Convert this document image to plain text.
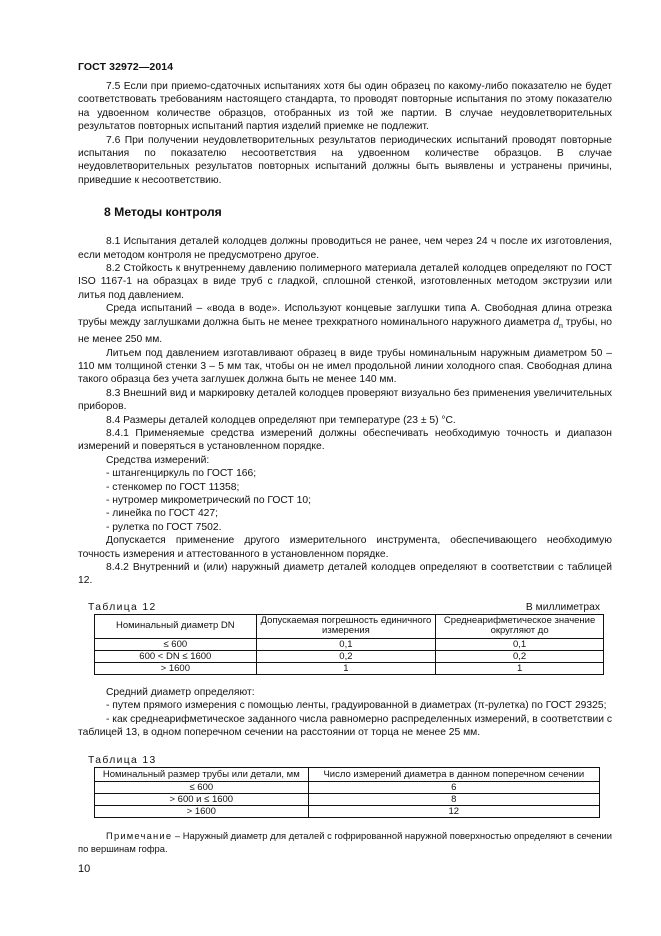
ГОСТ 32972—2014

7.5 Если при приемо-сдаточных испытаниях хотя бы один образец по какому-либо показателю не будет соответствовать требованиям настоящего стандарта, то проводят повторные испытания по этому показателю на удвоенном количестве образцов, отобранных из той же партии. В случае неудовлетворительных результатов повторных испытаний партия изделий приемке не подлежит.

7.6 При получении неудовлетворительных результатов периодических испытаний проводят повторные испытания по показателю несоответствия на удвоенном количестве образцов. В случае неудовлетворительных результатов повторных испытаний должны быть выявлены и устранены причины, приведшие к несоответствию.

8 Методы контроля

8.1 Испытания деталей колодцев должны проводиться не ранее, чем через 24 ч после их изготовления, если методом контроля не предусмотрено другое.

8.2 Стойкость к внутреннему давлению полимерного материала деталей колодцев определяют по ГОСТ ISO 1167-1 на образцах в виде труб с гладкой, сплошной стенкой, изготовленных методом экструзии или литья под давлением.

Среда испытаний – «вода в воде». Используют концевые заглушки типа А. Свободная длина отрезка трубы между заглушками должна быть не менее трехкратного номинального наружного диаметра $d_n$ трубы, но не менее 250 мм.

Литьем под давлением изготавливают образец в виде трубы номинальным наружным диаметром 50 – 110 мм толщиной стенки 3 – 5 мм так, чтобы он не имел продольной линии холодного спая. Свободная длина такого образца без учета заглушек должна быть не менее 140 мм.

8.3 Внешний вид и маркировку деталей колодцев проверяют визуально без применения увеличительных приборов.

8.4 Размеры деталей колодцев определяют при температуре (23 ± 5) °С.

8.4.1 Применяемые средства измерений должны обеспечивать необходимую точность и диапазон измерений и поверяться в установленном порядке.

Средства измерений:

- штангенциркуль по ГОСТ 166;

- стенкомер по ГОСТ 11358;

- нутромер микрометрический по ГОСТ 10;

- линейка по ГОСТ 427;

- рулетка по ГОСТ 7502.

Допускается применение другого измерительного инструмента, обеспечивающего необходимую точность измерения и аттестованного в установленном порядке.

8.4.2 Внутренний и (или) наружный диаметр деталей колодцев определяют в соответствии с таблицей 12.

Таблица 12	В миллиметрах
Номинальный диаметр DN	Допускаемая погрешность единичного измерения	Среднеарифметическое значение округляют до
≤ 600	0,1	0,1
600 < DN ≤ 1600	0,2	0,2
> 1600	1	1

Средний диаметр определяют:

- путем прямого измерения с помощью ленты, градуированной в диаметрах (π-рулетка) по ГОСТ 29325;

- как среднеарифметическое заданного числа равномерно распределенных измерений, в соответствии с таблицей 13, в одном поперечном сечении на расстоянии от торца не менее 25 мм.

Таблица 13
Номинальный размер трубы или детали, мм	Число измерений диаметра в данном поперечном сечении
≤ 600	6
> 600 и ≤ 1600	8
> 1600	12

Примечание – Наружный диаметр для деталей с гофрированной наружной поверхностью определяют в сечении по вершинам гофра.

10
